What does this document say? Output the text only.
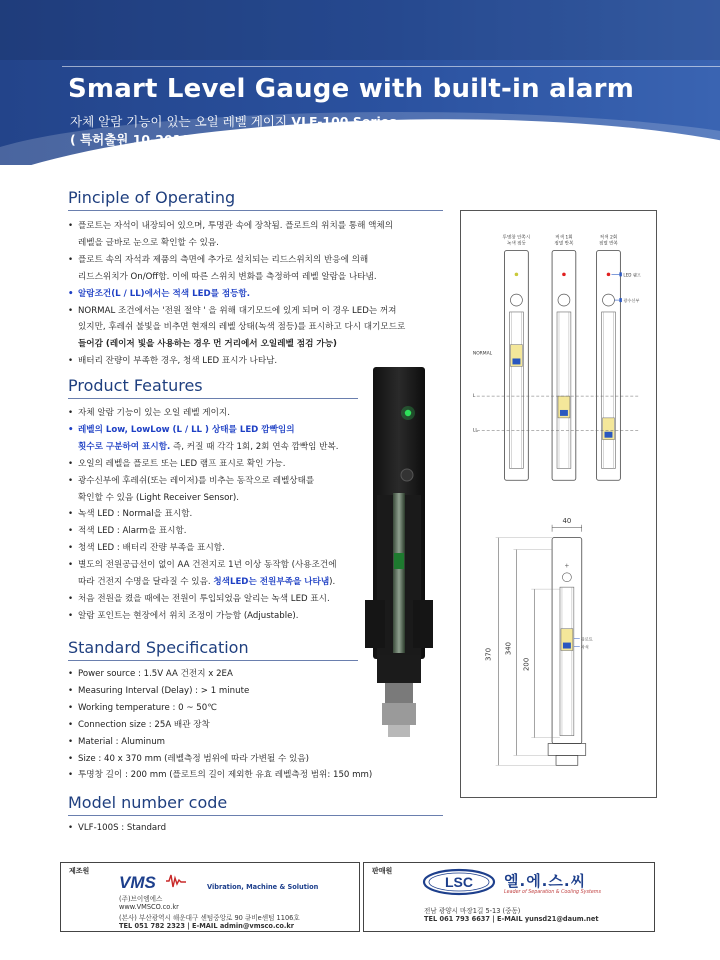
Smart Level Gauge with built-in alarm
자체 알람 기능이 있는 오일 레벨 게이지 VLF-100 Series
( 특허출원 10-2019-0131487 / 특허출원 10-2020-0058432 )
Pinciple of Operating
• 플로트는 자석이 내장되어 있으며, 투명관 속에 장착됨. 플로트의 위치를 통해 액체의
레벨을 글바로 눈으로 확인할 수 있음.
• 플로트 속의 자석과 제품의 측면에 추가로 설치되는 리드스위치의 반응에 의해
리드스위치가 On/Off함. 이에 따른 스위치 변화를 측정하여 레벨 알람을 나타냄.
• 알람조건(L / LL)에서는 적색 LED를 점등함.
• NORMAL 조건에서는 '전원 절약 ' 을 위해 대기모드에 있게 되며 이 경우 LED는 꺼져
있지만, 후레쉬 불빛을 비추면 현재의 레벨 상태(녹색 점등)를 표시하고 다시 대기모드로
들어감 (레이저 빛을 사용하는 경우 먼 거리에서 오일레벨 점검 가능)
• 배터리 잔량이 부족한 경우, 청색 LED 표시가 나타남.
Product Features
• 자체 알람 기능이 있는 오일 레벨 게이지.
• 레벨의 Low, LowLow (L / LL ) 상태를 LED 깜빡임의
횟수로 구분하여 표시함. 즉, 커질 때 각각 1회, 2회 연속 깜빡임 반복.
• 오일의 레벨을 플로트 또는 LED 램프 표시로 확인 가능.
• 광수신부에 후레쉬(또는 레이저)를 비추는 동작으로 레벨상태를
확인할 수 있음 (Light Receiver Sensor).
• 녹색 LED : Normal을 표시함.
• 적색 LED : Alarm을 표시함.
• 청색 LED : 배터리 잔량 부족을 표시함.
• 별도의 전원공급선이 없이 AA 건전지로 1년 이상 동작함 (사용조건에
따라 건전지 수명을 달라질 수 있음. 청색LED는 전원부족을 나타냄).
• 처음 전원을 켰을 때에는 전원이 투입되었음 알리는 녹색 LED 표시.
• 알람 포인트는 현장에서 위치 조정이 가능함 (Adjustable).
Standard Specification
• Power source : 1.5V AA 건전지 x 2EA
• Measuring Interval (Delay) : > 1 minute
• Working temperature : 0 ~ 50℃
• Connection size : 25A 배관 장착
• Material : Aluminum
• Size : 40 x 370 mm (레벨측정 범위에 따라 가변될 수 있음)
• 투명창 길이 : 200 mm (플로트의 길이 제외한 유효 레벨측정 범위: 150 mm)
Model number code
• VLF-100S : Standard
투명창 안쪽시
녹색 점등
적색 1회
점멸 반복
적색 2회
점멸 반복
LED 램프
광수신부
NORMAL
L
LL
40
+
플로트
자석
370 340
200
제조원
VMS	Vibration, Machine & Solution
(주)브이엠에스
www.VMSCO.co.kr
(본사) 부산광역시 해운대구 센텀중앙로 90 큐비e센텀 1106호
TEL 051 782 2323 | E-MAIL admin@vmsco.co.kr
판매원
LSC 엘.에.스.씨
Leader of Separation & Cooling Systems
전남 광양시 마장1길 5-13 (중동)
TEL 061 793 6637 | E-MAIL yunsd21@daum.net
